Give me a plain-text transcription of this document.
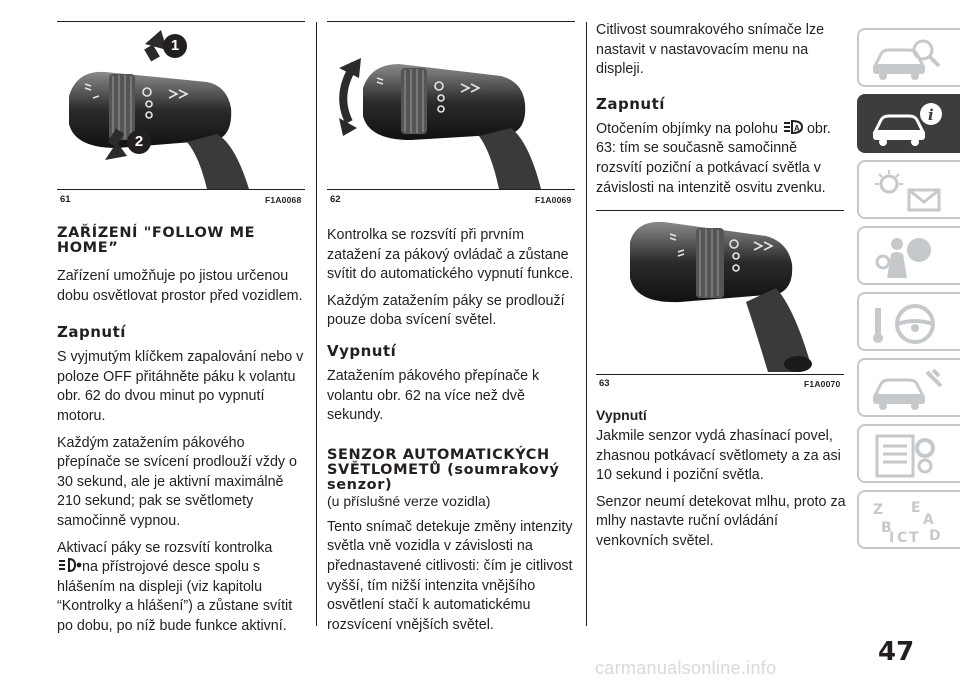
1
2
61	F1A0068	62	F1A0069
63	F1A0070
ZAŘÍZENÍ "FOLLOW ME HOME”

Zařízení umožňuje po jistou určenou dobu osvětlovat prostor před vozidlem.

Zapnutí

S vyjmutým klíčkem zapalování nebo v poloze OFF přitáhněte páku k volantu obr. 62 do dvou minut po vypnutí motoru.

Každým zatažením pákového přepínače se svícení prodlouží vždy o 30 sekund, ale je aktivní maximálně 210 sekund; pak se světlomety samočinně vypnou.

Aktivací páky se rozsvítí kontrolka

na přístrojové desce spolu s hlášením na displeji (viz kapitolu “Kontrolky a hlášení”) a zůstane svítit po dobu, po níž bude funkce aktivní.

Kontrolka se rozsvítí při prvním zatažení za pákový ovládač a zůstane svítit do automatického vypnutí funkce.

Každým zatažením páky se prodlouží pouze doba svícení světel.

Vypnutí

Zatažením pákového přepínače k volantu obr. 62 na více než dvě sekundy.

SENZOR AUTOMATICKÝCH SVĚTLOMETŮ (soumrakový senzor)
(u příslušné verze vozidla)

Tento snímač detekuje změny intenzity světla vně vozidla v závislosti na přednastavené citlivosti: čím je citlivost vyšší, tím nižší intenzita vnějšího osvětlení stačí k automatickému rozsvícení vnějších světel.

Citlivost soumrakového snímače lze nastavit v nastavovacím menu na displeji.

Zapnutí

Otočením objímky na polohu A obr. 63: tím se současně samočinně rozsvítí poziční a potkávací světla v závislosti na intenzitě osvitu zvenku.

Vypnutí

Jakmile senzor vydá zhasínací povel, zhasnou potkávací světlomety a za asi 10 sekund i poziční světla.

Senzor neumí detekovat mlhu, proto za mlhy nastavte ruční ovládání venkovních světel.

i
Z E
A
B
C T D
I
47
carmanualsonline.info
